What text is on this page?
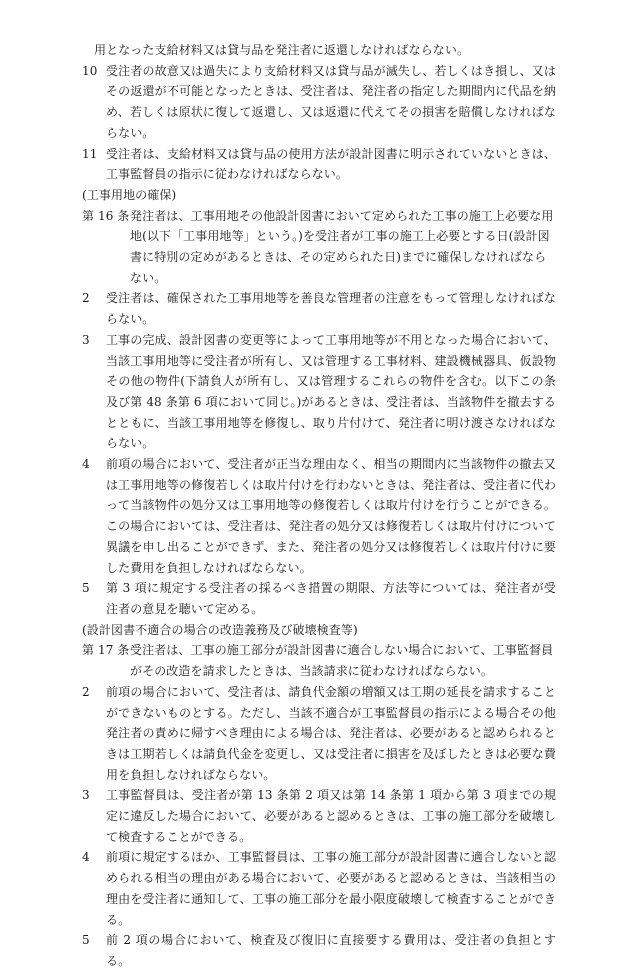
用となった支給材料又は貸与品を発注者に返還しなければならない。

10 受注者の故意又は過失により支給材料又は貸与品が滅失し、若しくはき損し、又はその返還が不可能となったときは、受注者は、発注者の指定した期間内に代品を納め、若しくは原状に復して返還し、又は返還に代えてその損害を賠償しなければならない。
11 受注者は、支給材料又は貸与品の使用方法が設計図書に明示されていないときは、工事監督員の指示に従わなければならない。

(工事用地の確保)

第 16 条 発注者は、工事用地その他設計図書において定められた工事の施工上必要な用地(以下「工事用地等」という。)を受注者が工事の施工上必要とする日(設計図書に特別の定めがあるときは、その定められた日)までに確保しなければならない。
2	受注者は、確保された工事用地等を善良な管理者の注意をもって管理しなければならない。
3	工事の完成、設計図書の変更等によって工事用地等が不用となった場合において、当該工事用地等に受注者が所有し、又は管理する工事材料、建設機械器具、仮設物その他の物件(下請負人が所有し、又は管理するこれらの物件を含む。以下この条及び第 48 条第 6 項において同じ。)があるときは、受注者は、当該物件を撤去するとともに、当該工事用地等を修復し、取り片付けて、発注者に明け渡さなければならない。
4	前項の場合において、受注者が正当な理由なく、相当の期間内に当該物件の撤去又は工事用地等の修復若しくは取片付けを行わないときは、発注者は、受注者に代わって当該物件の処分又は工事用地等の修復若しくは取片付けを行うことができる。この場合においては、受注者は、発注者の処分又は修復若しくは取片付けについて異議を申し出ることができず、また、発注者の処分又は修復若しくは取片付けに要した費用を負担しなければならない。
5	第 3 項に規定する受注者の採るべき措置の期限、方法等については、発注者が受注者の意見を聴いて定める。

(設計図書不適合の場合の改造義務及び破壊検査等)

第 17 条 受注者は、工事の施工部分が設計図書に適合しない場合において、工事監督員がその改造を請求したときは、当該請求に従わなければならない。
2	前項の場合において、受注者は、請負代金額の増額又は工期の延長を請求することができないものとする。ただし、当該不適合が工事監督員の指示による場合その他発注者の責めに帰すべき理由による場合は、発注者は、必要があると認められるときは工期若しくは請負代金を変更し、又は受注者に損害を及ぼしたときは必要な費用を負担しなければならない。
3	工事監督員は、受注者が第 13 条第 2 項又は第 14 条第 1 項から第 3 項までの規定に違反した場合において、必要があると認めるときは、工事の施工部分を破壊して検査することができる。
4	前項に規定するほか、工事監督員は、工事の施工部分が設計図書に適合しないと認められる相当の理由がある場合において、必要があると認めるときは、当該相当の理由を受注者に通知して、工事の施工部分を最小限度破壊して検査することができる。
5	前 2 項の場合において、検査及び復旧に直接要する費用は、受注者の負担とする。
